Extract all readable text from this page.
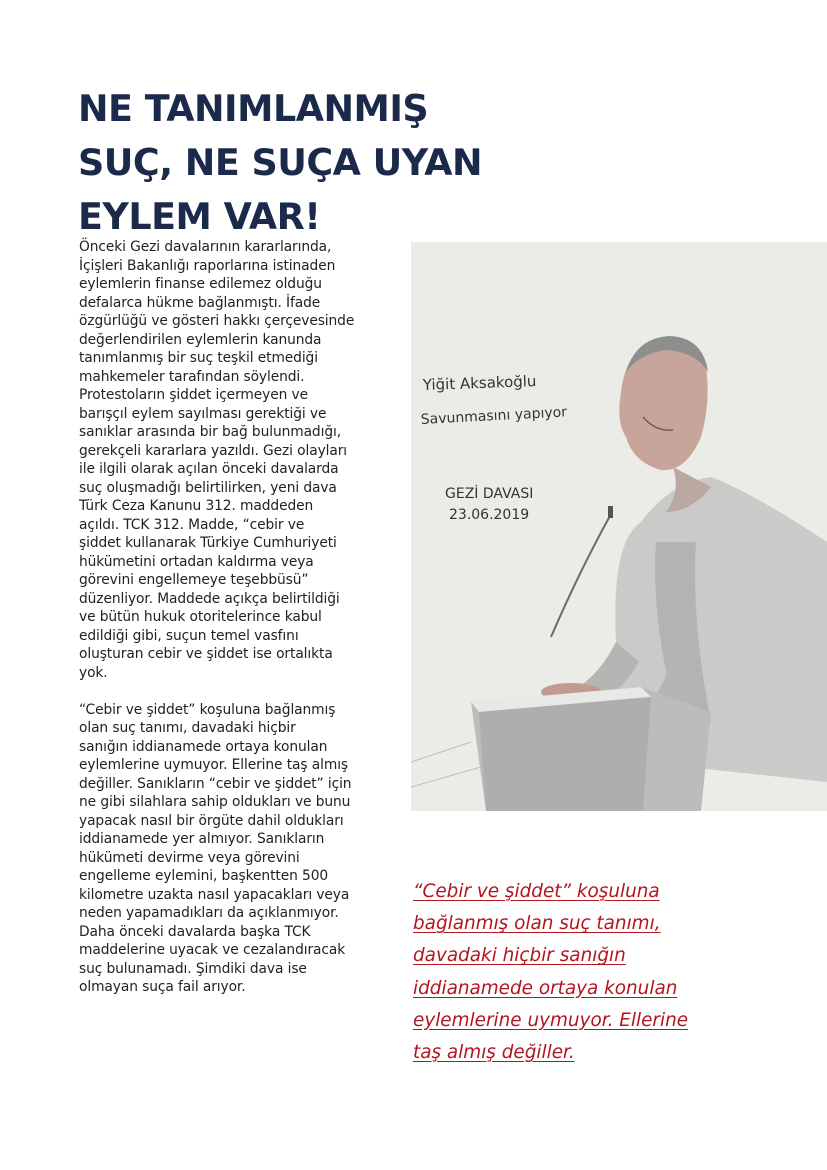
NE TANIMLANMIŞ
SUÇ, NE SUÇA UYAN
EYLEM VAR!

Önceki Gezi davalarının kararlarında,
İçişleri Bakanlığı raporlarına istinaden
eylemlerin finanse edilemez olduğu
defalarca hükme bağlanmıştı. İfade
özgürlüğü ve gösteri hakkı çerçevesinde
değerlendirilen eylemlerin kanunda
tanımlanmış bir suç teşkil etmediği
mahkemeler tarafından söylendi.
Protestoların şiddet içermeyen ve
barışçıl eylem sayılması gerektiği ve
sanıklar arasında bir bağ bulunmadığı,
gerekçeli kararlara yazıldı. Gezi olayları
ile ilgili olarak açılan önceki davalarda
suç oluşmadığı belirtilirken, yeni dava
Türk Ceza Kanunu 312. maddeden
açıldı. TCK 312. Madde, “cebir ve
şiddet kullanarak Türkiye Cumhuriyeti
hükümetini ortadan kaldırma veya
görevini engellemeye teşebbüsü”
düzenliyor. Maddede açıkça belirtildiği
ve bütün hukuk otoritelerince kabul
edildiği gibi, suçun temel vasfını
oluşturan cebir ve şiddet ise ortalıkta
yok.

“Cebir ve şiddet” koşuluna bağlanmış
olan suç tanımı, davadaki hiçbir
sanığın iddianamede ortaya konulan
eylemlerine uymuyor. Ellerine taş almış
değiller. Sanıkların “cebir ve şiddet” için
ne gibi silahlara sahip oldukları ve bunu
yapacak nasıl bir örgüte dahil oldukları
iddianamede yer almıyor. Sanıkların
hükümeti devirme veya görevini
engelleme eylemini, başkentten 500
kilometre uzakta nasıl yapacakları veya
neden yapamadıkları da açıklanmıyor.
Daha önceki davalarda başka TCK
maddelerine uyacak ve cezalandıracak
suç bulunamadı. Şimdiki dava ise
olmayan suça fail arıyor.

Yiğit Aksakoğlu
Savunmasını yapıyor
GEZİ DAVASI
23.06.2019
“Cebir ve şiddet” koşuluna
bağlanmış olan suç tanımı,
davadaki hiçbir sanığın
iddianamede ortaya konulan
eylemlerine uymuyor. Ellerine
taş almış değiller.
